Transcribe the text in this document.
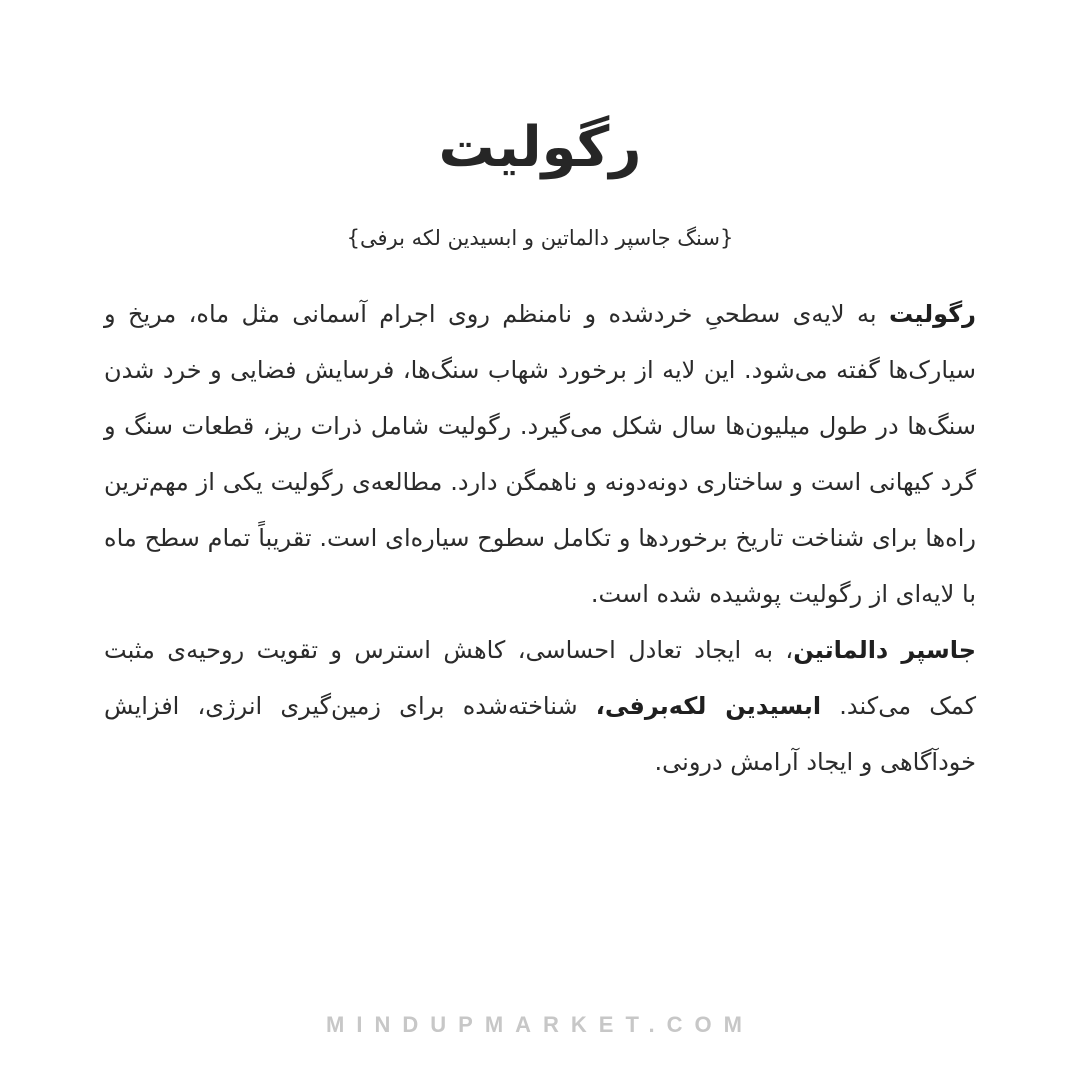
رگولیت
{سنگ جاسپر دالماتین و ابسیدین لکه برفی}

رگولیت به لایه‌ی سطحیِ خردشده و نامنظم روی اجرام آسمانی مثل ماه، مریخ و سیارک‌ها گفته می‌شود. این لایه از برخورد شهاب سنگ‌ها، فرسایش فضایی و خرد شدن سنگ‌ها در طول میلیون‌ها سال شکل می‌گیرد. رگولیت شامل ذرات ریز، قطعات سنگ و گرد کیهانی است و ساختاری دونه‌دونه و ناهمگن دارد. مطالعه‌ی رگولیت یکی از مهم‌ترین راه‌ها برای شناخت تاریخ برخوردها و تکامل سطوح سیاره‌ای است. تقریباً تمام سطح ماه با لایه‌ای از رگولیت پوشیده شده است.

جاسپر دالماتین، به ایجاد تعادل احساسی، کاهش استرس و تقویت روحیه‌ی مثبت کمک می‌کند. ابسیدین لکه‌برفی، شناخته‌شده برای زمین‌گیری انرژی، افزایش خودآگاهی و ایجاد آرامش درونی.

MINDUPMARKET.COM
